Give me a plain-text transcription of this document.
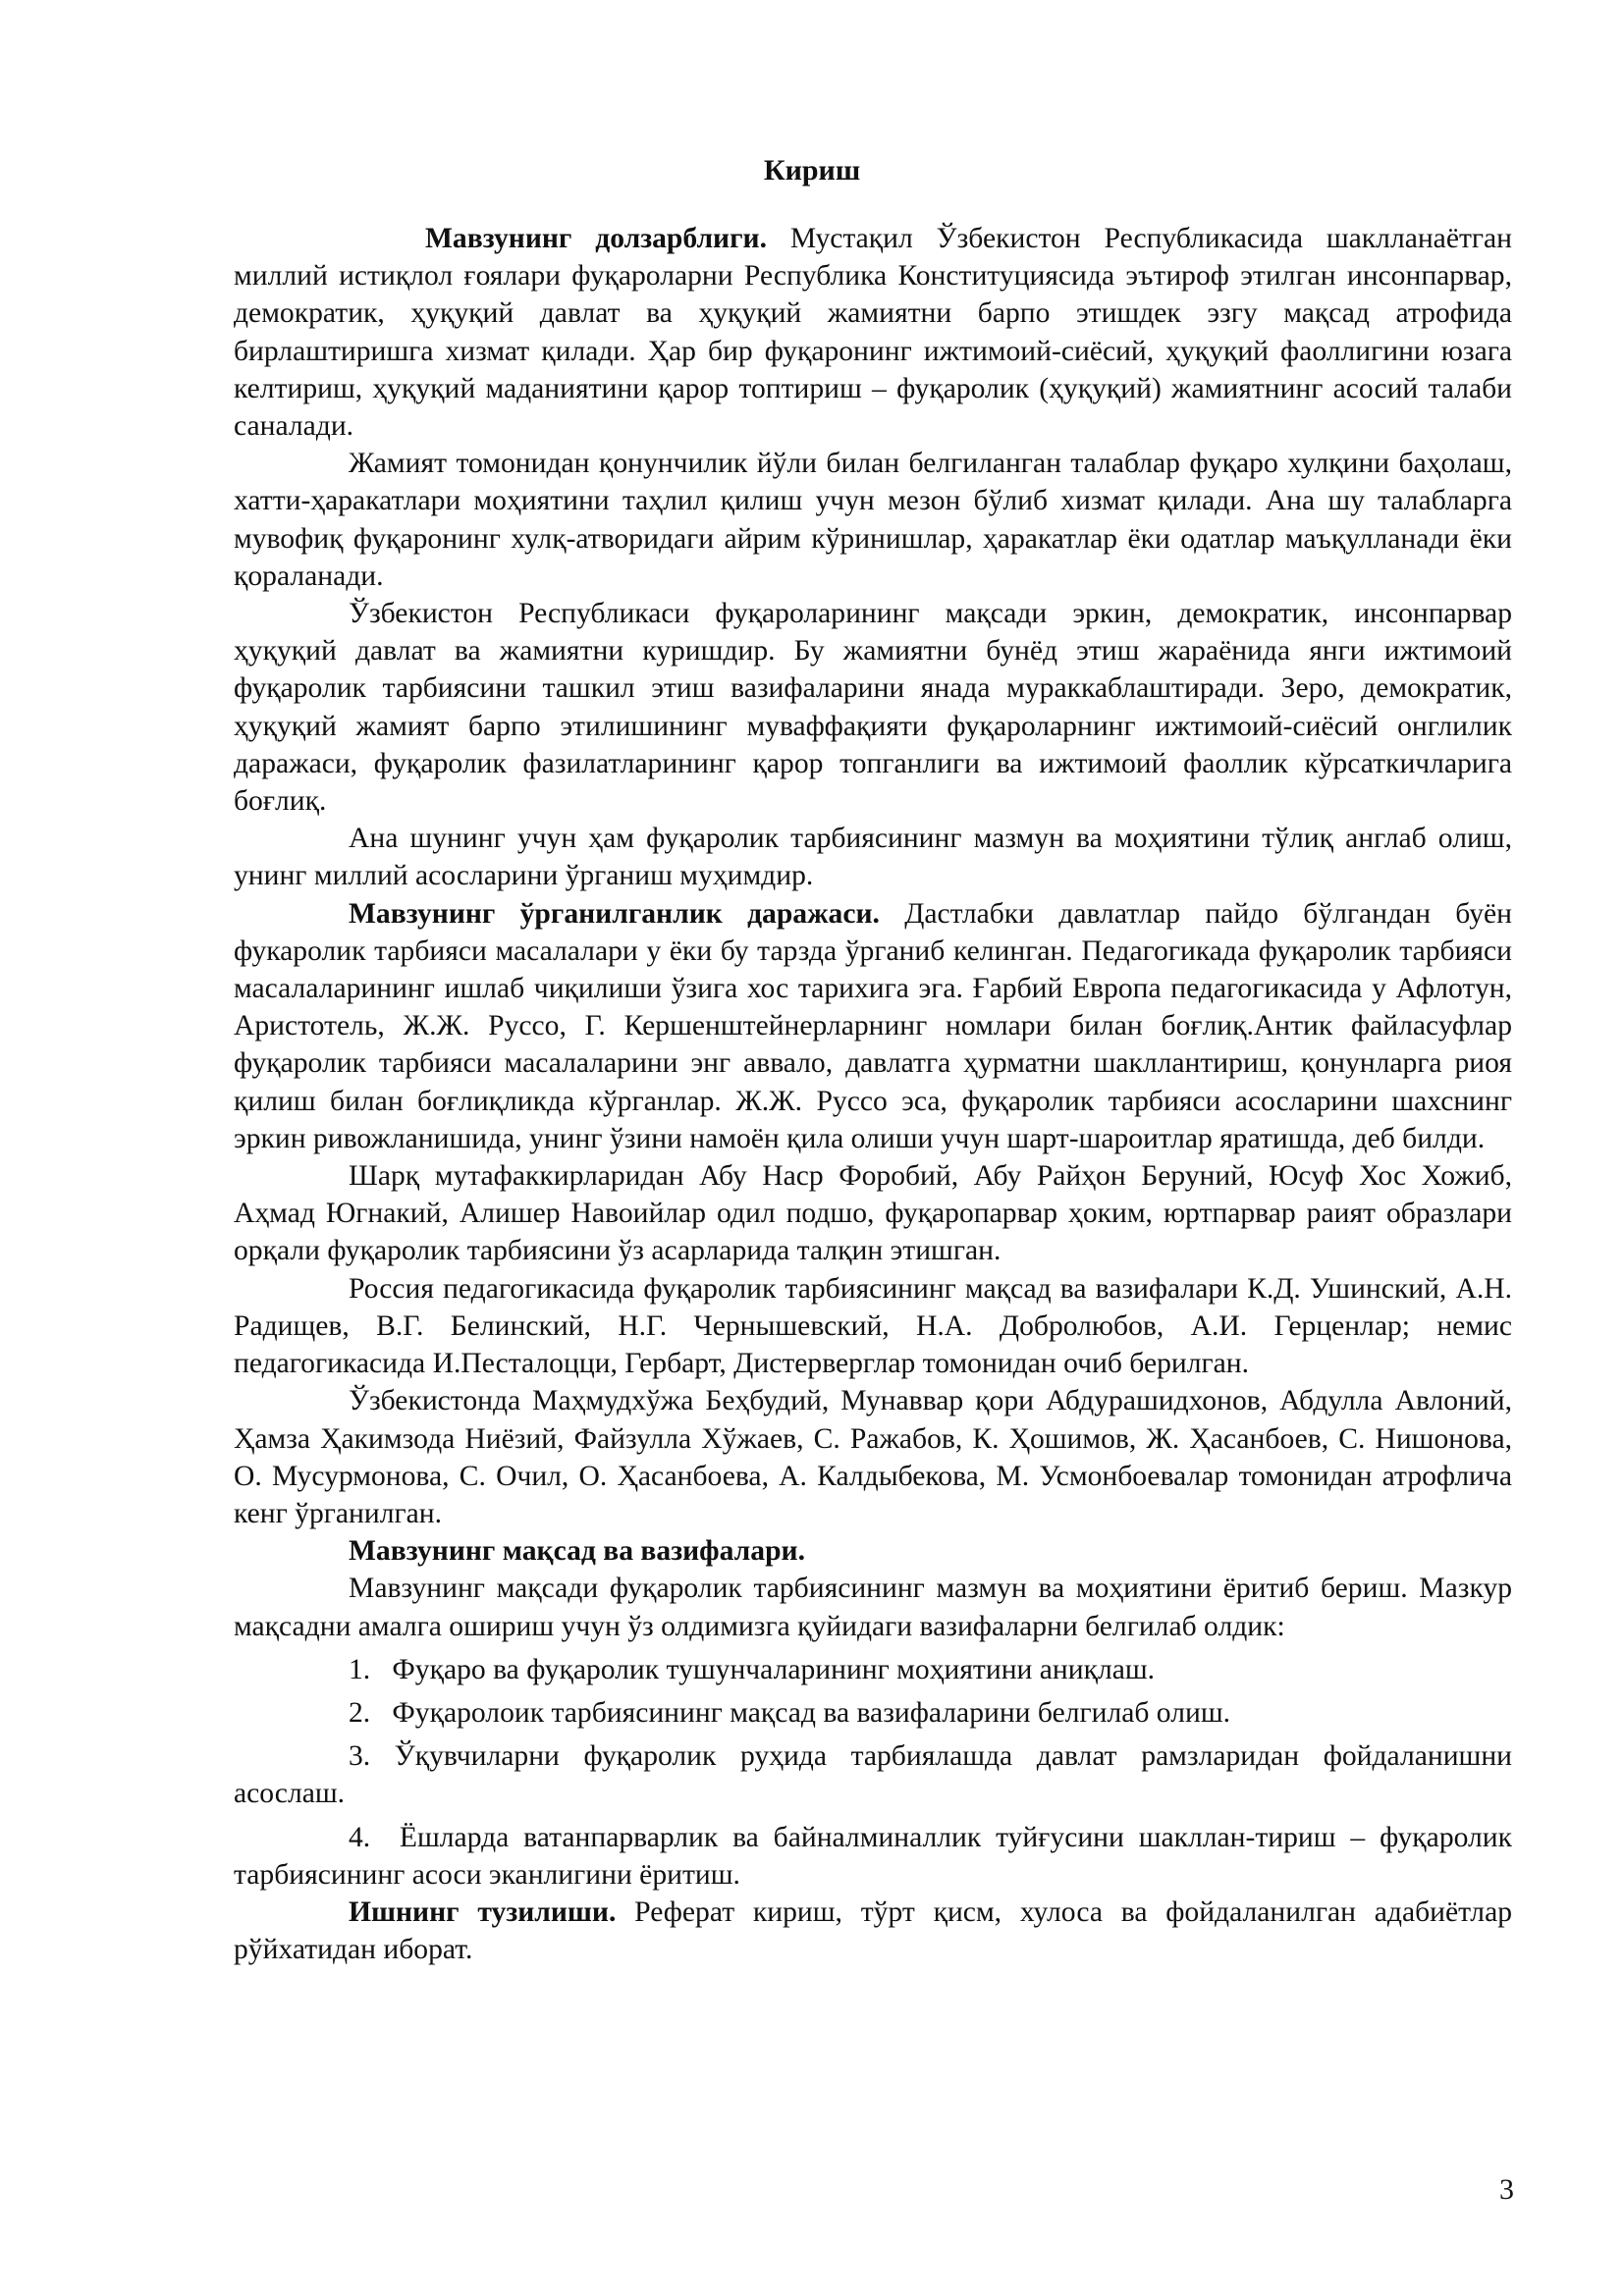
Кириш

Мавзунинг долзарблиги. Мустақил Ўзбекистон Республикасида шаклланаётган миллий истиқлол ғоялари фуқароларни Республика Конституциясида эътироф этилган инсонпарвар, демократик, ҳуқуқий давлат ва ҳуқуқий жамиятни барпо этишдек эзгу мақсад атрофида бирлаштиришга хизмат қилади. Ҳар бир фуқаронинг ижтимоий-сиёсий, ҳуқуқий фаоллигини юзага келтириш, ҳуқуқий маданиятини қарор топтириш – фуқаролик (ҳуқуқий) жамиятнинг асосий талаби саналади.

Жамият томонидан қонунчилик йўли билан белгиланган талаблар фуқаро хулқини баҳолаш, хатти-ҳаракатлари моҳиятини таҳлил қилиш учун мезон бўлиб хизмат қилади. Ана шу талабларга мувофиқ фуқаронинг хулқ-атворидаги айрим кўринишлар, ҳаракатлар ёки одатлар маъқулланади ёки қораланади.

Ўзбекистон Республикаси фуқароларининг мақсади эркин, демократик, инсонпарвар ҳуқуқий давлат ва жамиятни куришдир. Бу жамиятни бунёд этиш жараёнида янги ижтимоий фуқаролик тарбиясини ташкил этиш вазифаларини янада мураккаблаштиради. Зеро, демократик, ҳуқуқий жамият барпо этилишининг муваффақияти фуқароларнинг ижтимоий-сиёсий онглилик даражаси, фуқаролик фазилатларининг қарор топганлиги ва ижтимоий фаоллик кўрсаткичларига боғлиқ.

Ана шунинг учун ҳам фуқаролик тарбиясининг мазмун ва моҳиятини тўлиқ англаб олиш, унинг миллий асосларини ўрганиш муҳимдир.

Мавзунинг ўрганилганлик даражаси. Дастлабки давлатлар пайдо бўлгандан буён фукаролик тарбияси масалалари у ёки бу тарзда ўрганиб келинган. Педагогикада фуқаролик тарбияси масалаларининг ишлаб чиқилиши ўзига хос тарихига эга. Ғарбий Европа педагогикасида у Афлотун, Аристотель, Ж.Ж. Руссо, Г. Кершенштейнерларнинг номлари билан боғлиқ.Антик файласуфлар фуқаролик тарбияси масалаларини энг аввало, давлатга ҳурматни шакллантириш, қонунларга риоя қилиш билан боғлиқликда кўрганлар. Ж.Ж. Руссо эса, фуқаролик тарбияси асосларини шахснинг эркин ривожланишида, унинг ўзини намоён қила олиши учун шарт-шароитлар яратишда, деб билди.

Шарқ мутафаккирларидан Абу Наср Форобий, Абу Райҳон Беруний, Юсуф Хос Хожиб, Аҳмад Югнакий, Алишер Навоийлар одил подшо, фуқаропарвар ҳоким, юртпарвар раият образлари орқали фуқаролик тарбиясини ўз асарларида талқин этишган.

Россия педагогикасида фуқаролик тарбиясининг мақсад ва вазифалари К.Д. Ушинский, А.Н. Радищев, В.Г. Белинский, Н.Г. Чернышевский, Н.А. Добролюбов, А.И. Герценлар; немис педагогикасида И.Песталоцци, Гербарт, Дистерверглар томонидан очиб берилган.

Ўзбекистонда Маҳмудхўжа Беҳбудий, Мунаввар қори Абдурашидхонов, Абдулла Авлоний, Ҳамза Ҳакимзода Ниёзий, Файзулла Хўжаев, С. Ражабов, К. Ҳошимов, Ж. Ҳасанбоев, С. Нишонова, О. Мусурмонова, С. Очил, О. Ҳасанбоева, А. Калдыбекова, М. Усмонбоевалар томонидан атрофлича кенг ўрганилган.

Мавзунинг мақсад ва вазифалари.

Мавзунинг мақсади фуқаролик тарбиясининг мазмун ва моҳиятини ёритиб бериш. Мазкур мақсадни амалга ошириш учун ўз олдимизга қуйидаги вазифаларни белгилаб олдик:

1. Фуқаро ва фуқаролик тушунчаларининг моҳиятини аниқлаш.

2. Фуқаролоик тарбиясининг мақсад ва вазифаларини белгилаб олиш.

3. Ўқувчиларни фуқаролик руҳида тарбиялашда давлат рамзларидан фойдаланишни асослаш.

4. Ёшларда ватанпарварлик ва байналминаллик туйғусини шакллан-тириш – фуқаролик тарбиясининг асоси эканлигини ёритиш.

Ишнинг тузилиши. Реферат кириш, тўрт қисм, хулоса ва фойдаланилган адабиётлар рўйхатидан иборат.

3
